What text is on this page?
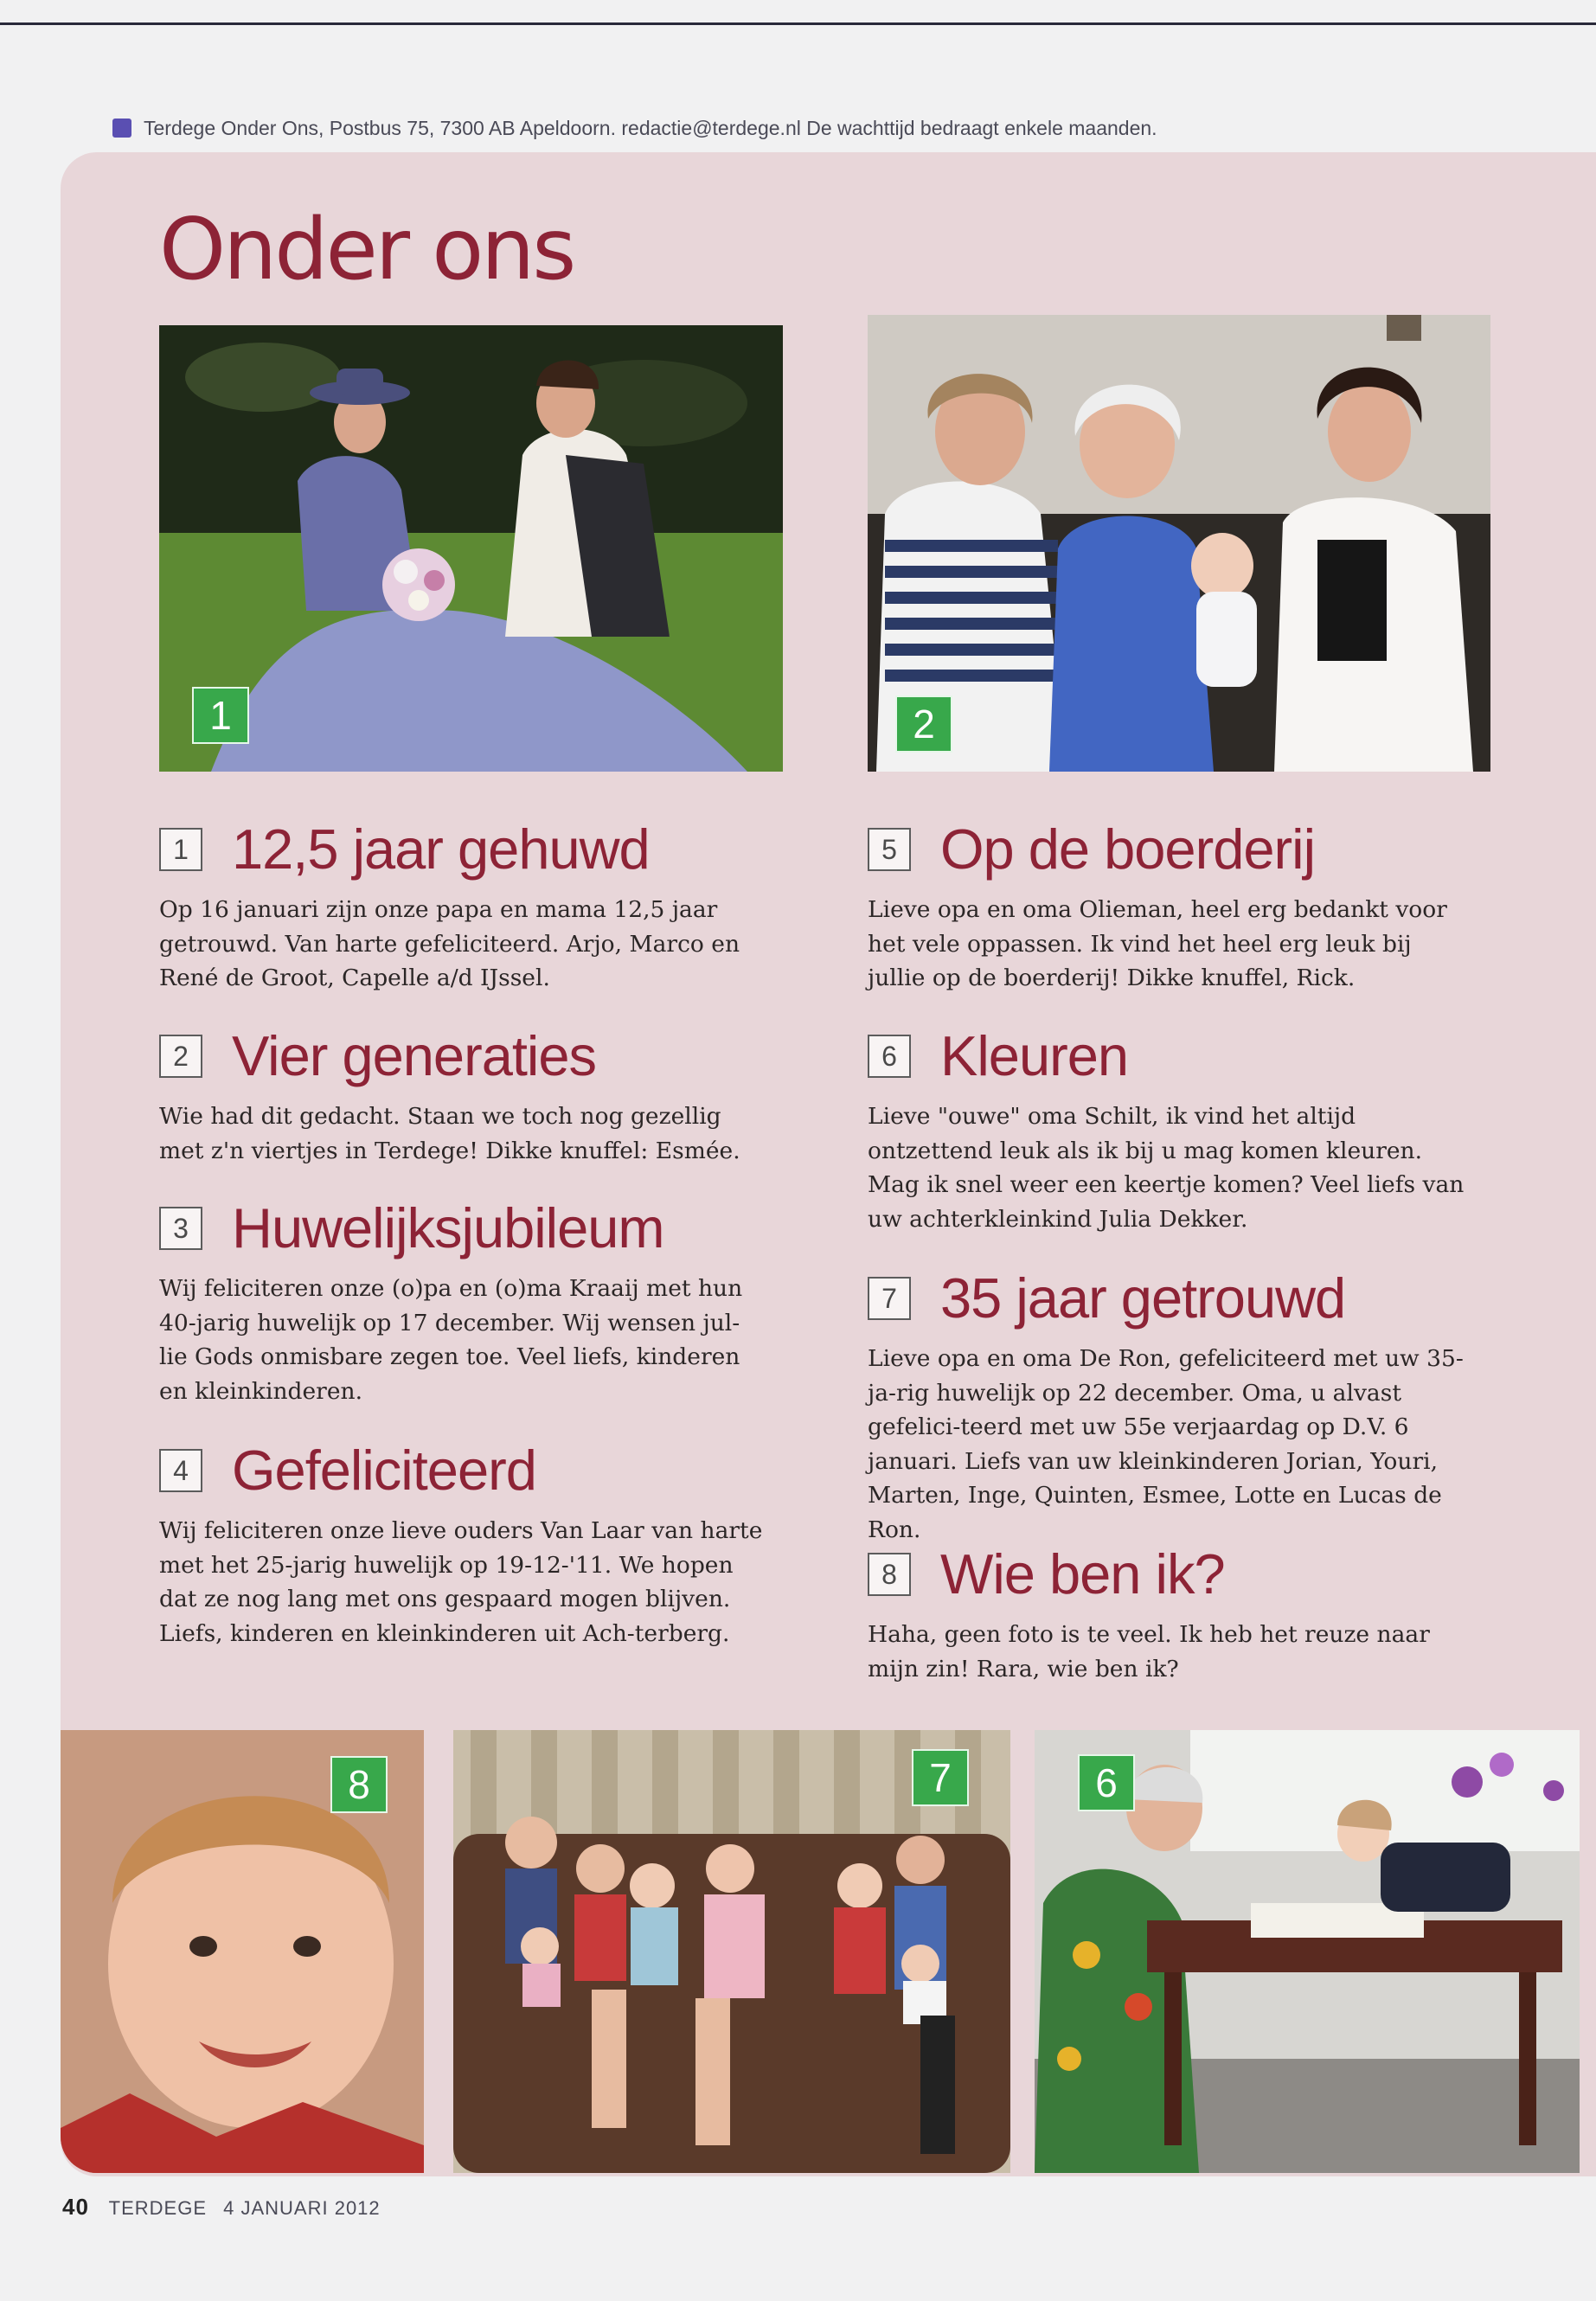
Terdege Onder Ons, Postbus 75, 7300 AB Apeldoorn. redactie@terdege.nl De wachttijd bedraagt enkele maanden.
Onder ons
1	2
1 12,5 jaar gehuwd

Op 16 januari zijn onze papa en mama 12,5 jaar getrouwd. Van harte gefeliciteerd. Arjo, Marco en René de Groot, Capelle a/d IJssel.

2 Vier generaties

Wie had dit gedacht. Staan we toch nog gezellig met z'n viertjes in Terdege! Dikke knuffel: Esmée.

3 Huwelijksjubileum

Wij feliciteren onze (o)pa en (o)ma Kraaij met hun 40-jarig huwelijk op 17 december. Wij wensen jul-lie Gods onmisbare zegen toe. Veel liefs, kinderen en kleinkinderen.

4 Gefeliciteerd

Wij feliciteren onze lieve ouders Van Laar van harte met het 25-jarig huwelijk op 19-12-'11. We hopen dat ze nog lang met ons gespaard mogen blijven. Liefs, kinderen en kleinkinderen uit Ach-terberg.

5 Op de boerderij

Lieve opa en oma Olieman, heel erg bedankt voor het vele oppassen. Ik vind het heel erg leuk bij jullie op de boerderij! Dikke knuffel, Rick.

6 Kleuren

Lieve "ouwe" oma Schilt, ik vind het altijd ontzettend leuk als ik bij u mag komen kleuren. Mag ik snel weer een keertje komen? Veel liefs van uw achterkleinkind Julia Dekker.

7 35 jaar getrouwd

Lieve opa en oma De Ron, gefeliciteerd met uw 35-ja-rig huwelijk op 22 december. Oma, u alvast gefelici-teerd met uw 55e verjaardag op D.V. 6 januari. Liefs van uw kleinkinderen Jorian, Youri, Marten, Inge, Quinten, Esmee, Lotte en Lucas de Ron.

8 Wie ben ik?

Haha, geen foto is te veel. Ik heb het reuze naar mijn zin! Rara, wie ben ik?

8	7	6
40 TERDEGE 4 JANUARI 2012
